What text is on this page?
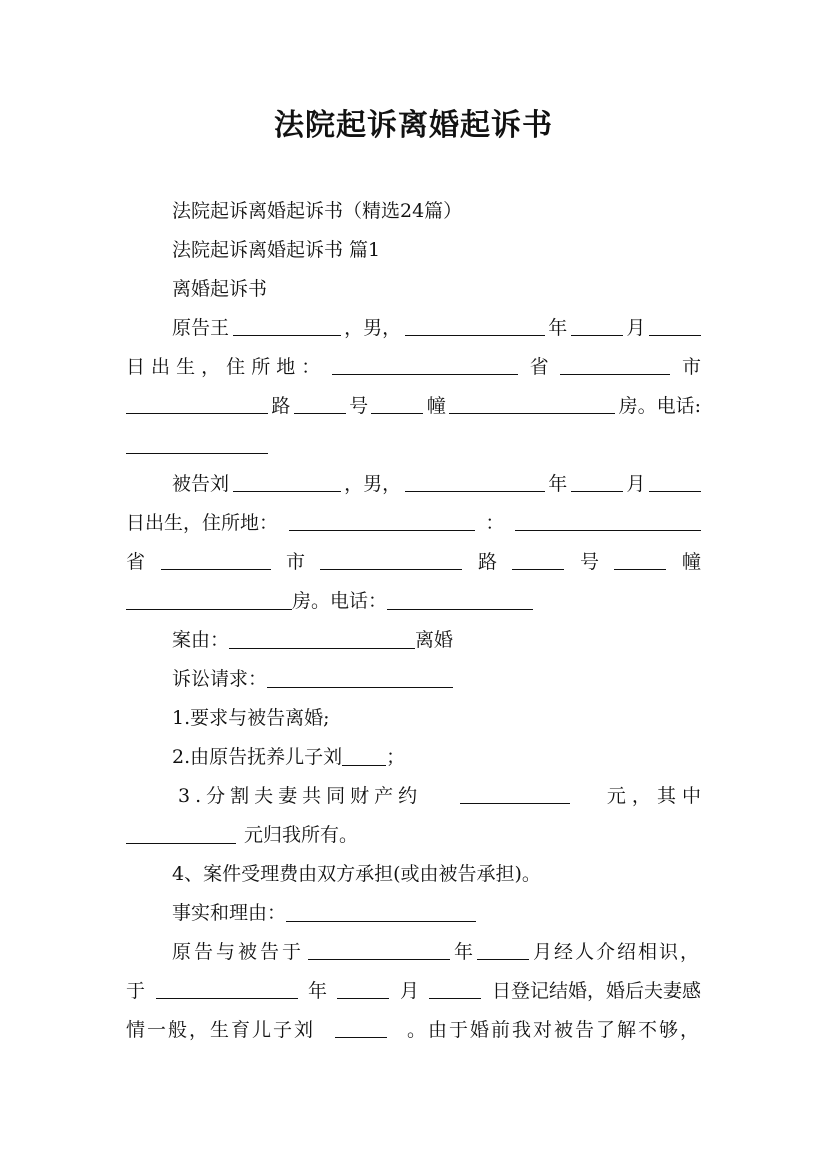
法院起诉离婚起诉书
法院起诉离婚起诉书（精选24篇）
法院起诉离婚起诉书 篇1
离婚起诉书
原告王	，男，	年	月
日 出 生 ， 住 所 地 ：	省	市
路	号	幢	房。电话:
被告刘	，男，	年	月
日出生，住所地：	：
省	市	路	号	幢
房。电话：
案由：	离婚
诉讼请求：
1.要求与被告离婚;
2.由原告抚养儿子刘 ；
3.分割夫妻共同财产约	元 ， 其 中
元归我所有。
4、案件受理费由双方承担(或由被告承担)。
事实和理由：
原告与被告于	年	月经人介绍相识，
于	年	月	日登记结婚，婚后夫妻感
情一般，生育儿子刘	。由于婚前我对被告了解不够，
